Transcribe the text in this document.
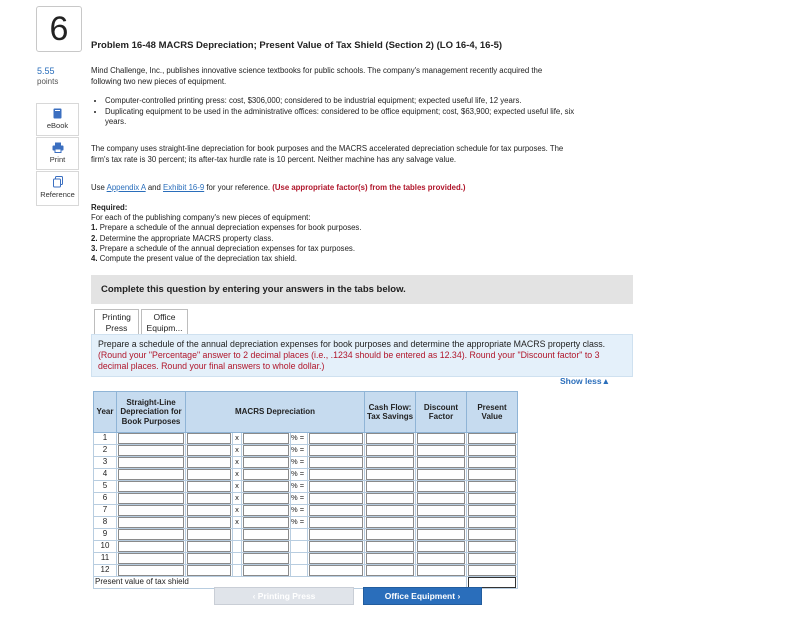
6	Problem 16-48 MACRS Depreciation; Present Value of Tax Shield (Section 2) (LO 16-4, 16-5)
5.55
points
eBook
Print
Reference
Mind Challenge, Inc., publishes innovative science textbooks for public schools. The company's management recently acquired the following two new pieces of equipment.
• Computer-controlled printing press: cost, $306,000; considered to be industrial equipment; expected useful life, 12 years.
• Duplicating equipment to be used in the administrative offices: considered to be office equipment; cost, $63,900; expected useful life, six years.
The company uses straight-line depreciation for book purposes and the MACRS accelerated depreciation schedule for tax purposes. The firm's tax rate is 30 percent; its after-tax hurdle rate is 10 percent. Neither machine has any salvage value.
Use Appendix A and Exhibit 16-9 for your reference. (Use appropriate factor(s) from the tables provided.)
Required:
For each of the publishing company's new pieces of equipment:
1. Prepare a schedule of the annual depreciation expenses for book purposes.
2. Determine the appropriate MACRS property class.
3. Prepare a schedule of the annual depreciation expenses for tax purposes.
4. Compute the present value of the depreciation tax shield.
Complete this question by entering your answers in the tabs below.
Printing
Press
Office
Equipm...
Prepare a schedule of the annual depreciation expenses for book purposes and determine the appropriate MACRS property class. (Round your "Percentage" answer to 2 decimal places (i.e., .1234 should be entered as 12.34). Round your "Discount factor" to 3 decimal places. Round your final answers to whole dollar.)
Show less▲
Year	Straight-Line Depreciation for Book Purposes	MACRS Depreciation					Cash Flow: Tax Savings	Discount Factor	Present Value
1			x		% =	

2			x		% =	

3			x		% =	

4			x		% =	

5			x		% =	

6			x		% =	

7			x		% =	

8			x		% =	

9	

10	

11	

12	

Present value of tax shield									
‹ Printing Press	Office Equipment ›
